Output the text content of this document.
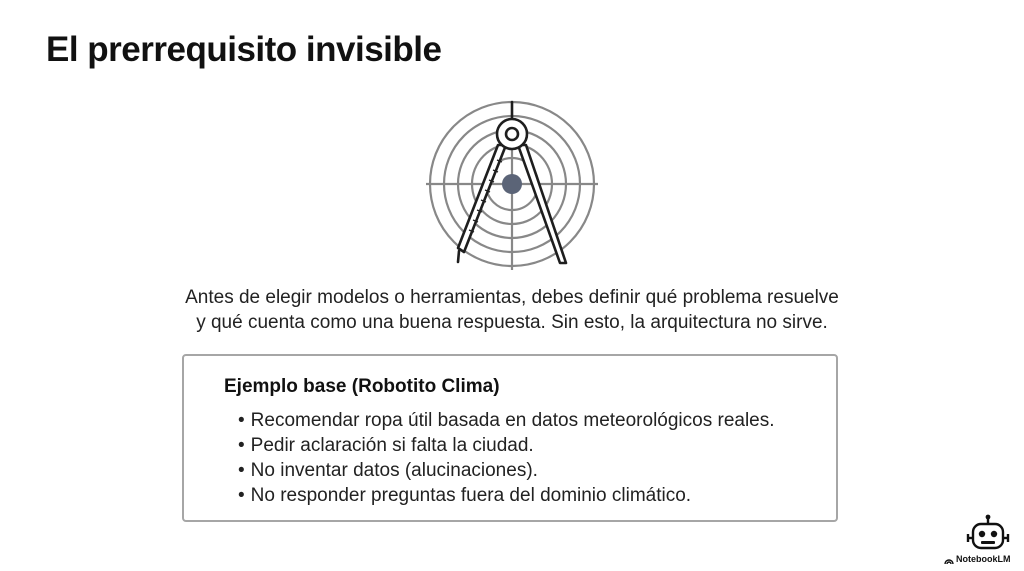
El prerrequisito invisible

Antes de elegir modelos o herramientas, debes definir qué problema resuelve
y qué cuenta como una buena respuesta. Sin esto, la arquitectura no sirve.

Ejemplo base (Robotito Clima)
• Recomendar ropa útil basada en datos meteorológicos reales.
• Pedir aclaración si falta la ciudad.
• No inventar datos (alucinaciones).
• No responder preguntas fuera del dominio climático.
NotebookLM
